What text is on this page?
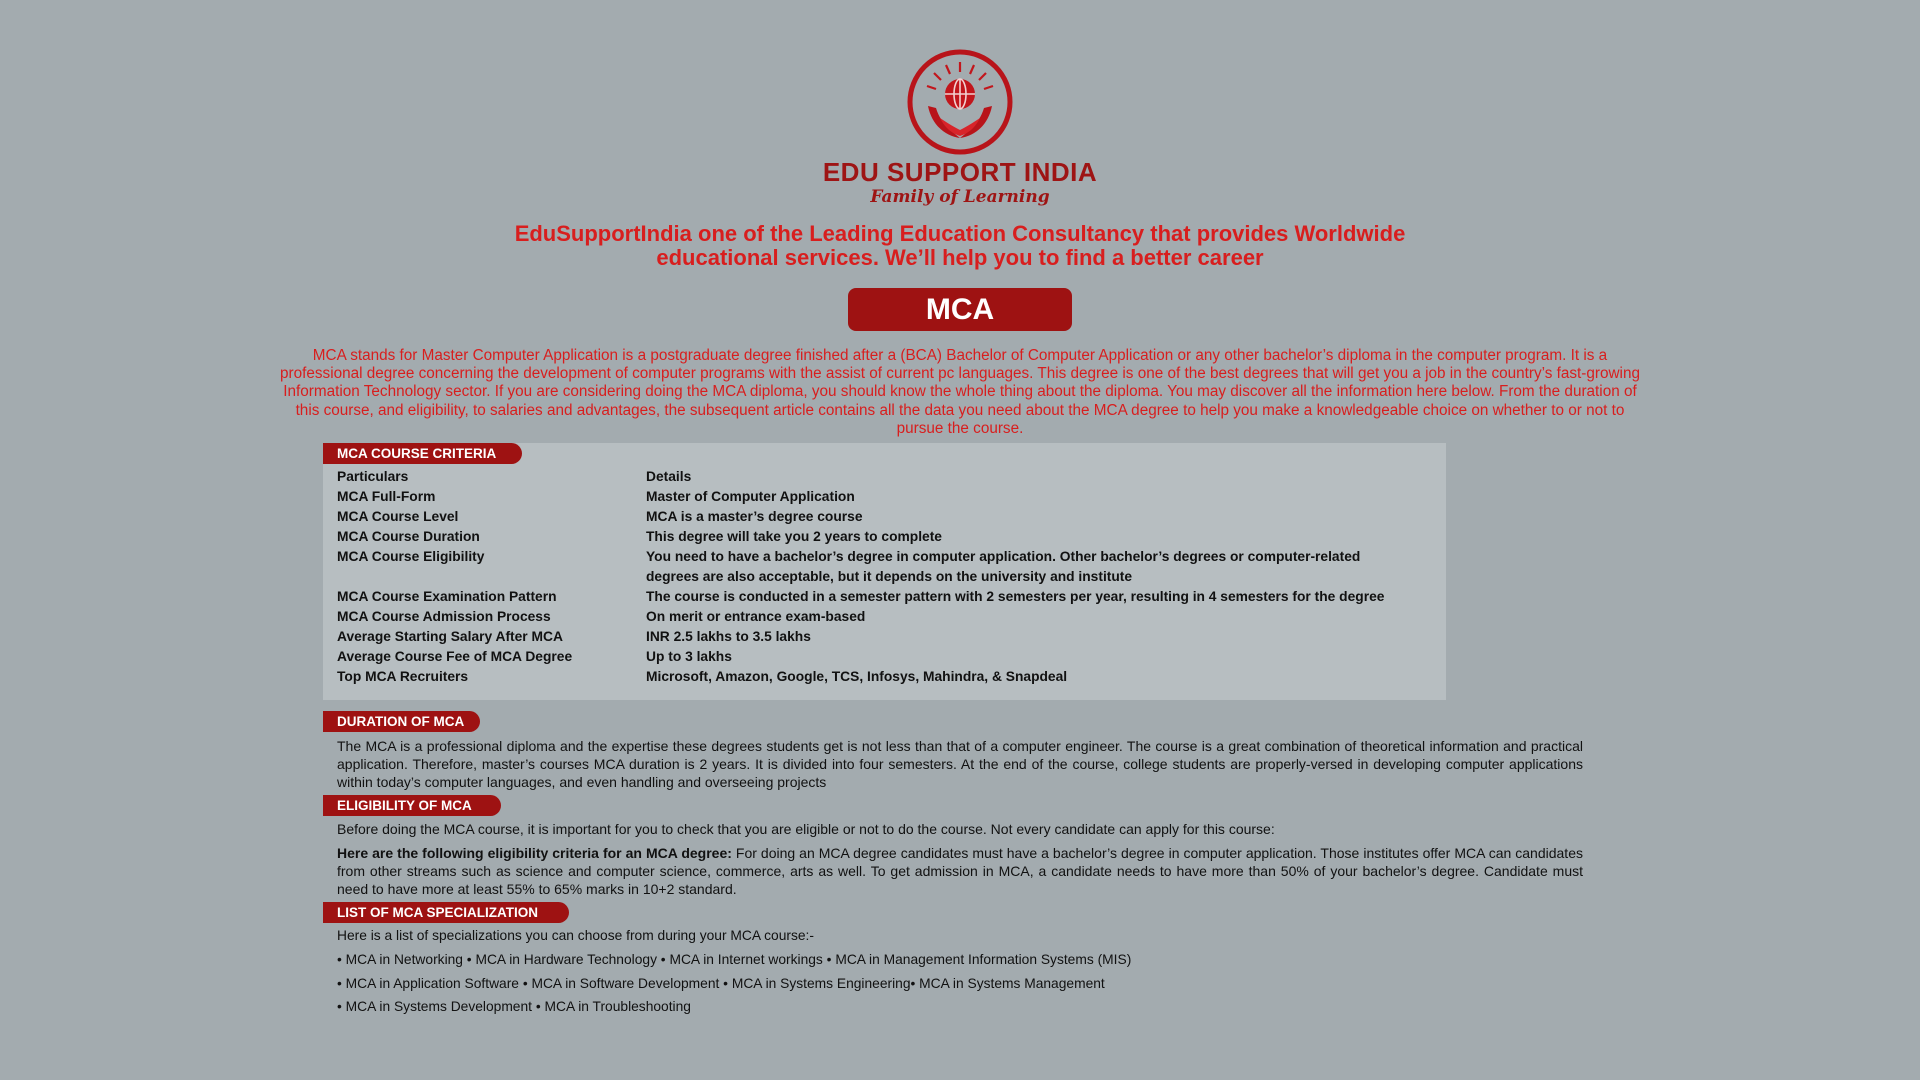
EDU SUPPORT INDIA
Family of Learning
EduSupportIndia one of the Leading Education Consultancy that provides Worldwide
educational services. We’ll help you to find a better career
MCA
MCA stands for Master Computer Application is a postgraduate degree finished after a (BCA) Bachelor of Computer Application or any other bachelor’s diploma in the computer program. It is a professional degree concerning the development of computer programs with the assist of current pc languages. This degree is one of the best degrees that will get you a job in the country’s fast-growing Information Technology sector. If you are considering doing the MCA diploma, you should know the whole thing about the diploma. You may discover all the information here below. From the duration of this course, and eligibility, to salaries and advantages, the subsequent article contains all the data you need about the MCA degree to help you make a knowledgeable choice on whether to or not to pursue the course.
MCA COURSE CRITERIA
Particulars	Details
MCA Full-Form	Master of Computer Application
MCA Course Level	MCA is a master’s degree course
MCA Course Duration	This degree will take you 2 years to complete
MCA Course Eligibility	You need to have a bachelor’s degree in computer application. Other bachelor’s degrees or computer-related degrees are also acceptable, but it depends on the university and institute
MCA Course Examination Pattern	The course is conducted in a semester pattern with 2 semesters per year, resulting in 4 semesters for the degree
MCA Course Admission Process	On merit or entrance exam-based
Average Starting Salary After MCA	INR 2.5 lakhs to 3.5 lakhs
Average Course Fee of MCA Degree	Up to 3 lakhs
Top MCA Recruiters	Microsoft, Amazon, Google, TCS, Infosys, Mahindra, & Snapdeal
DURATION OF MCA
The MCA is a professional diploma and the expertise these degrees students get is not less than that of a computer engineer. The course is a great combination of theoretical information and practical application. Therefore, master’s courses MCA duration is 2 years. It is divided into four semesters. At the end of the course, college students are properly-versed in developing computer applications within today’s computer languages, and even handling and overseeing projects
ELIGIBILITY OF MCA
Before doing the MCA course, it is important for you to check that you are eligible or not to do the course. Not every candidate can apply for this course:
Here are the following eligibility criteria for an MCA degree: For doing an MCA degree candidates must have a bachelor’s degree in computer application. Those institutes offer MCA can candidates from other streams such as science and computer science, commerce, arts as well. To get admission in MCA, a candidate needs to have more than 50% of your bachelor’s degree. Candidate must need to have more at least 55% to 65% marks in 10+2 standard.
LIST OF MCA SPECIALIZATION
Here is a list of specializations you can choose from during your MCA course:-
• MCA in Networking • MCA in Hardware Technology • MCA in Internet workings • MCA in Management Information Systems (MIS)
• MCA in Application Software • MCA in Software Development • MCA in Systems Engineering• MCA in Systems Management
• MCA in Systems Development • MCA in Troubleshooting
